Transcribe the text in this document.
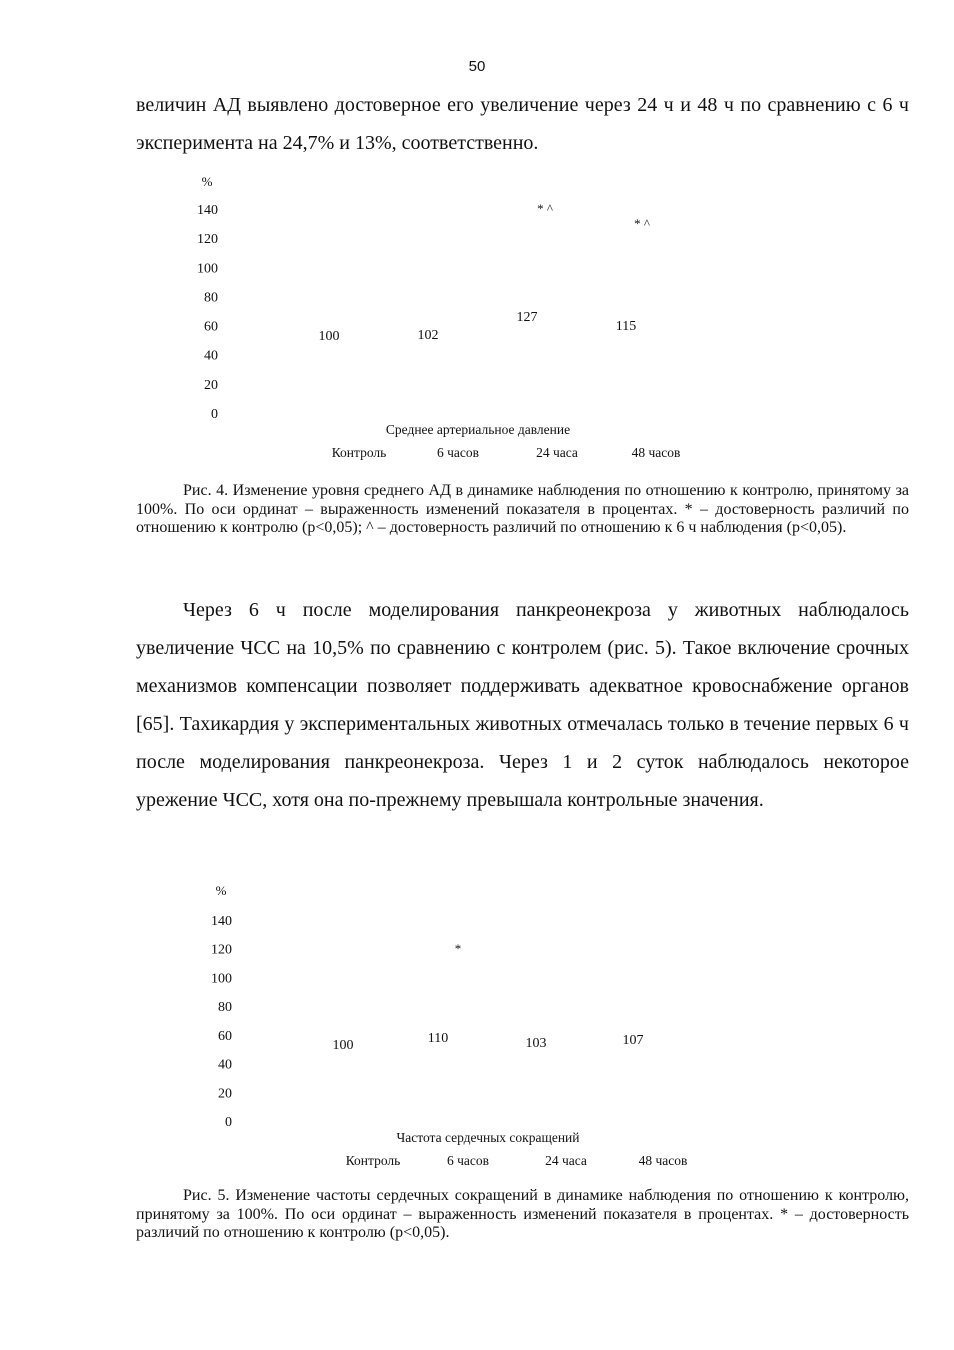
50

величин АД выявлено достоверное его увеличение через 24 ч и 48 ч по сравнению с 6 ч эксперимента на 24,7% и 13%, соответственно.

%
0
20
40
60
80
100
120
140
100	102
127
115
* ^
* ^
Среднее артериальное давление
Контроль	6 часов	24 часа	48 часов

Рис. 4. Изменение уровня среднего АД в динамике наблюдения по отношению к контролю, принятому за 100%. По оси ординат – выраженность изменений показателя в процентах. * – достоверность различий по отношению к контролю (p<0,05); ^ – достоверность различий по отношению к 6 ч наблюдения (p<0,05).

Через 6 ч после моделирования панкреонекроза у животных наблюдалось увеличение ЧСС на 10,5% по сравнению с контролем (рис. 5). Такое включение срочных механизмов компенсации позволяет поддерживать адекватное кровоснабжение органов [65]. Тахикардия у экспериментальных животных отмечалась только в течение первых 6 ч после моделирования панкреонекроза. Через 1 и 2 суток наблюдалось некоторое урежение ЧСС, хотя она по-прежнему превышала контрольные значения.

%
0
20
40
60
80
100
120
140
100	110	103	107
*
Частота сердечных сокращений
Контроль	6 часов	24 часа	48 часов

Рис. 5. Изменение частоты сердечных сокращений в динамике наблюдения по отношению к контролю, принятому за 100%. По оси ординат – выраженность изменений показателя в процентах. * – достоверность различий по отношению к контролю (p<0,05).
